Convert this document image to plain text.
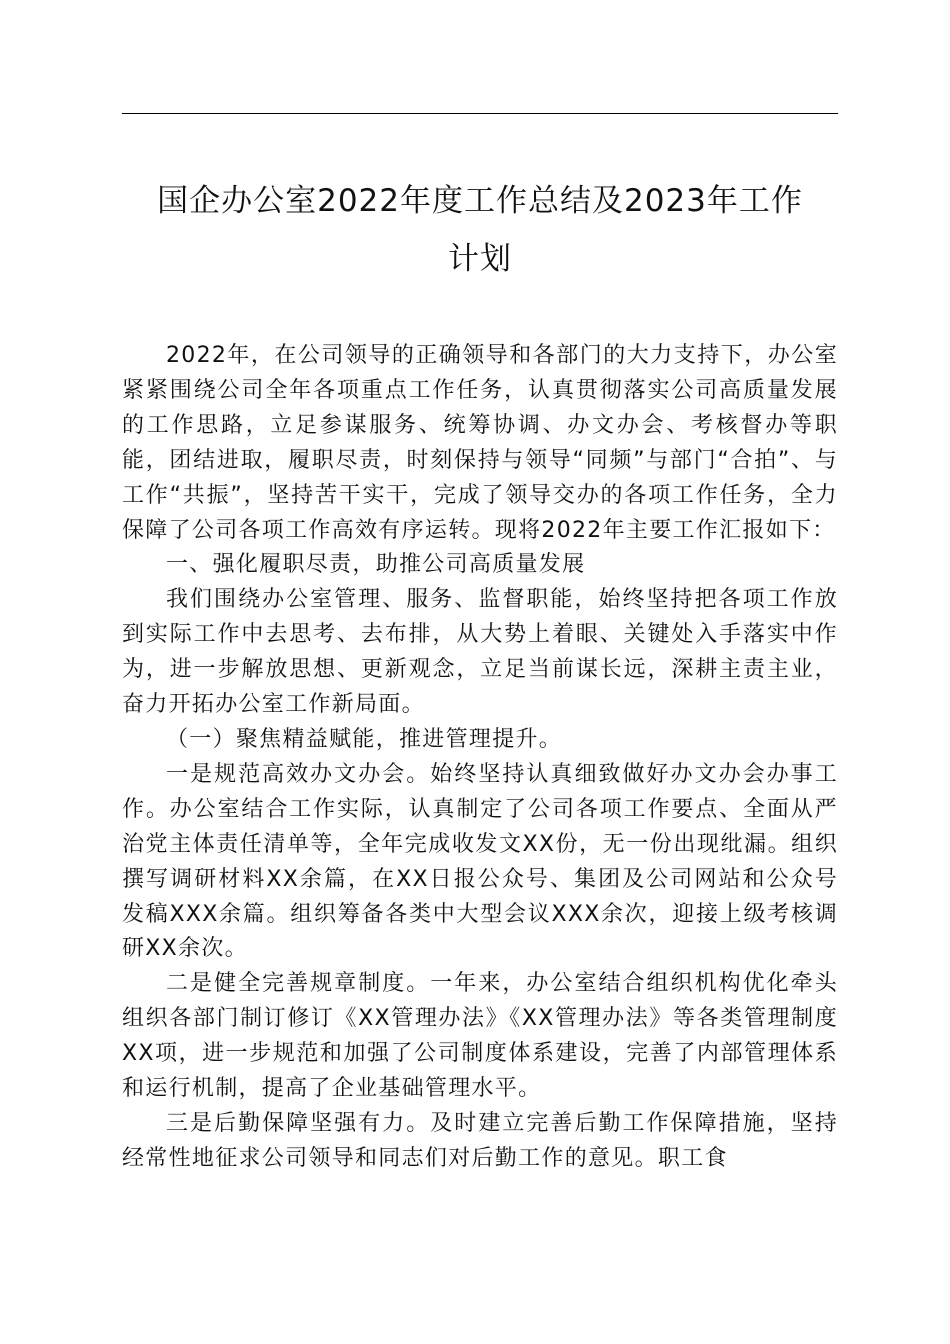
国企办公室2022年度工作总结及2023年工作
计划

2022年，在公司领导的正确领导和各部门的大力支持下，办公室紧紧围绕公司全年各项重点工作任务，认真贯彻落实公司高质量发展的工作思路，立足参谋服务、统筹协调、办文办会、考核督办等职能，团结进取，履职尽责，时刻保持与领导“同频”与部门“合拍”、与工作“共振”，坚持苦干实干，完成了领导交办的各项工作任务，全力保障了公司各项工作高效有序运转。现将2022年主要工作汇报如下：

一、强化履职尽责，助推公司高质量发展

我们围绕办公室管理、服务、监督职能，始终坚持把各项工作放到实际工作中去思考、去布排，从大势上着眼、关键处入手落实中作为，进一步解放思想、更新观念，立足当前谋长远，深耕主责主业，奋力开拓办公室工作新局面。

（一）聚焦精益赋能，推进管理提升。

一是规范高效办文办会。始终坚持认真细致做好办文办会办事工作。办公室结合工作实际，认真制定了公司各项工作要点、全面从严治党主体责任清单等，全年完成收发文XX份，无一份出现纰漏。组织撰写调研材料XX余篇，在XX日报公众号、集团及公司网站和公众号发稿XXX余篇。组织筹备各类中大型会议XXX余次，迎接上级考核调研XX余次。

二是健全完善规章制度。一年来，办公室结合组织机构优化牵头组织各部门制订修订《XX管理办法》《XX管理办法》等各类管理制度XX项，进一步规范和加强了公司制度体系建设，完善了内部管理体系和运行机制，提高了企业基础管理水平。

三是后勤保障坚强有力。及时建立完善后勤工作保障措施，坚持经常性地征求公司领导和同志们对后勤工作的意见。职工食
